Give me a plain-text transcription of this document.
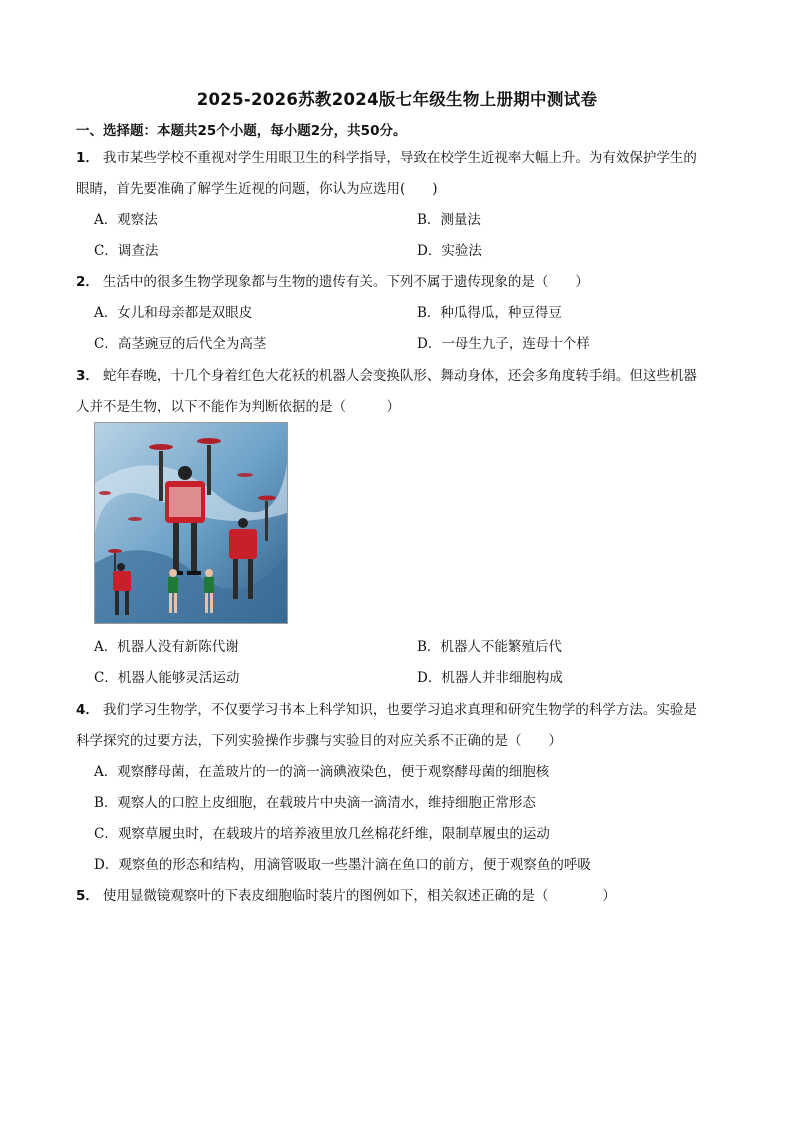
2025-2026苏教2024版七年级生物上册期中测试卷
一、选择题：本题共25个小题，每小题2分，共50分。
1． 我市某些学校不重视对学生用眼卫生的科学指导，导致在校学生近视率大幅上升。为有效保护学生的
眼睛，首先要准确了解学生近视的问题，你认为应选用(　　)
A．观察法	B．测量法
C．调查法	D．实验法
2． 生活中的很多生物学现象都与生物的遗传有关。下列不属于遗传现象的是（　　）
A．女儿和母亲都是双眼皮	B．种瓜得瓜，种豆得豆
C．高茎豌豆的后代全为高茎	D．一母生九子，连母十个样
3． 蛇年春晚，十几个身着红色大花袄的机器人会变换队形、舞动身体，还会多角度转手绢。但这些机器
人并不是生物，以下不能作为判断依据的是（　　　）
A．机器人没有新陈代谢	B．机器人不能繁殖后代
C．机器人能够灵活运动	D．机器人并非细胞构成
4． 我们学习生物学，不仅要学习书本上科学知识，也要学习追求真理和研究生物学的科学方法。实验是
科学探究的过要方法，下列实验操作步骤与实验目的对应关系不正确的是（　　）
A．观察酵母菌，在盖玻片的一的滴一滴碘液染色，便于观察酵母菌的细胞核
B．观察人的口腔上皮细胞，在载玻片中央滴一滴清水，维持细胞正常形态
C．观察草履虫时，在载玻片的培养液里放几丝棉花纤维，限制草履虫的运动
D．观察鱼的形态和结构，用滴管吸取一些墨汁滴在鱼口的前方，便于观察鱼的呼吸
5． 使用显微镜观察叶的下表皮细胞临时装片的图例如下，相关叙述正确的是（　　　　）
